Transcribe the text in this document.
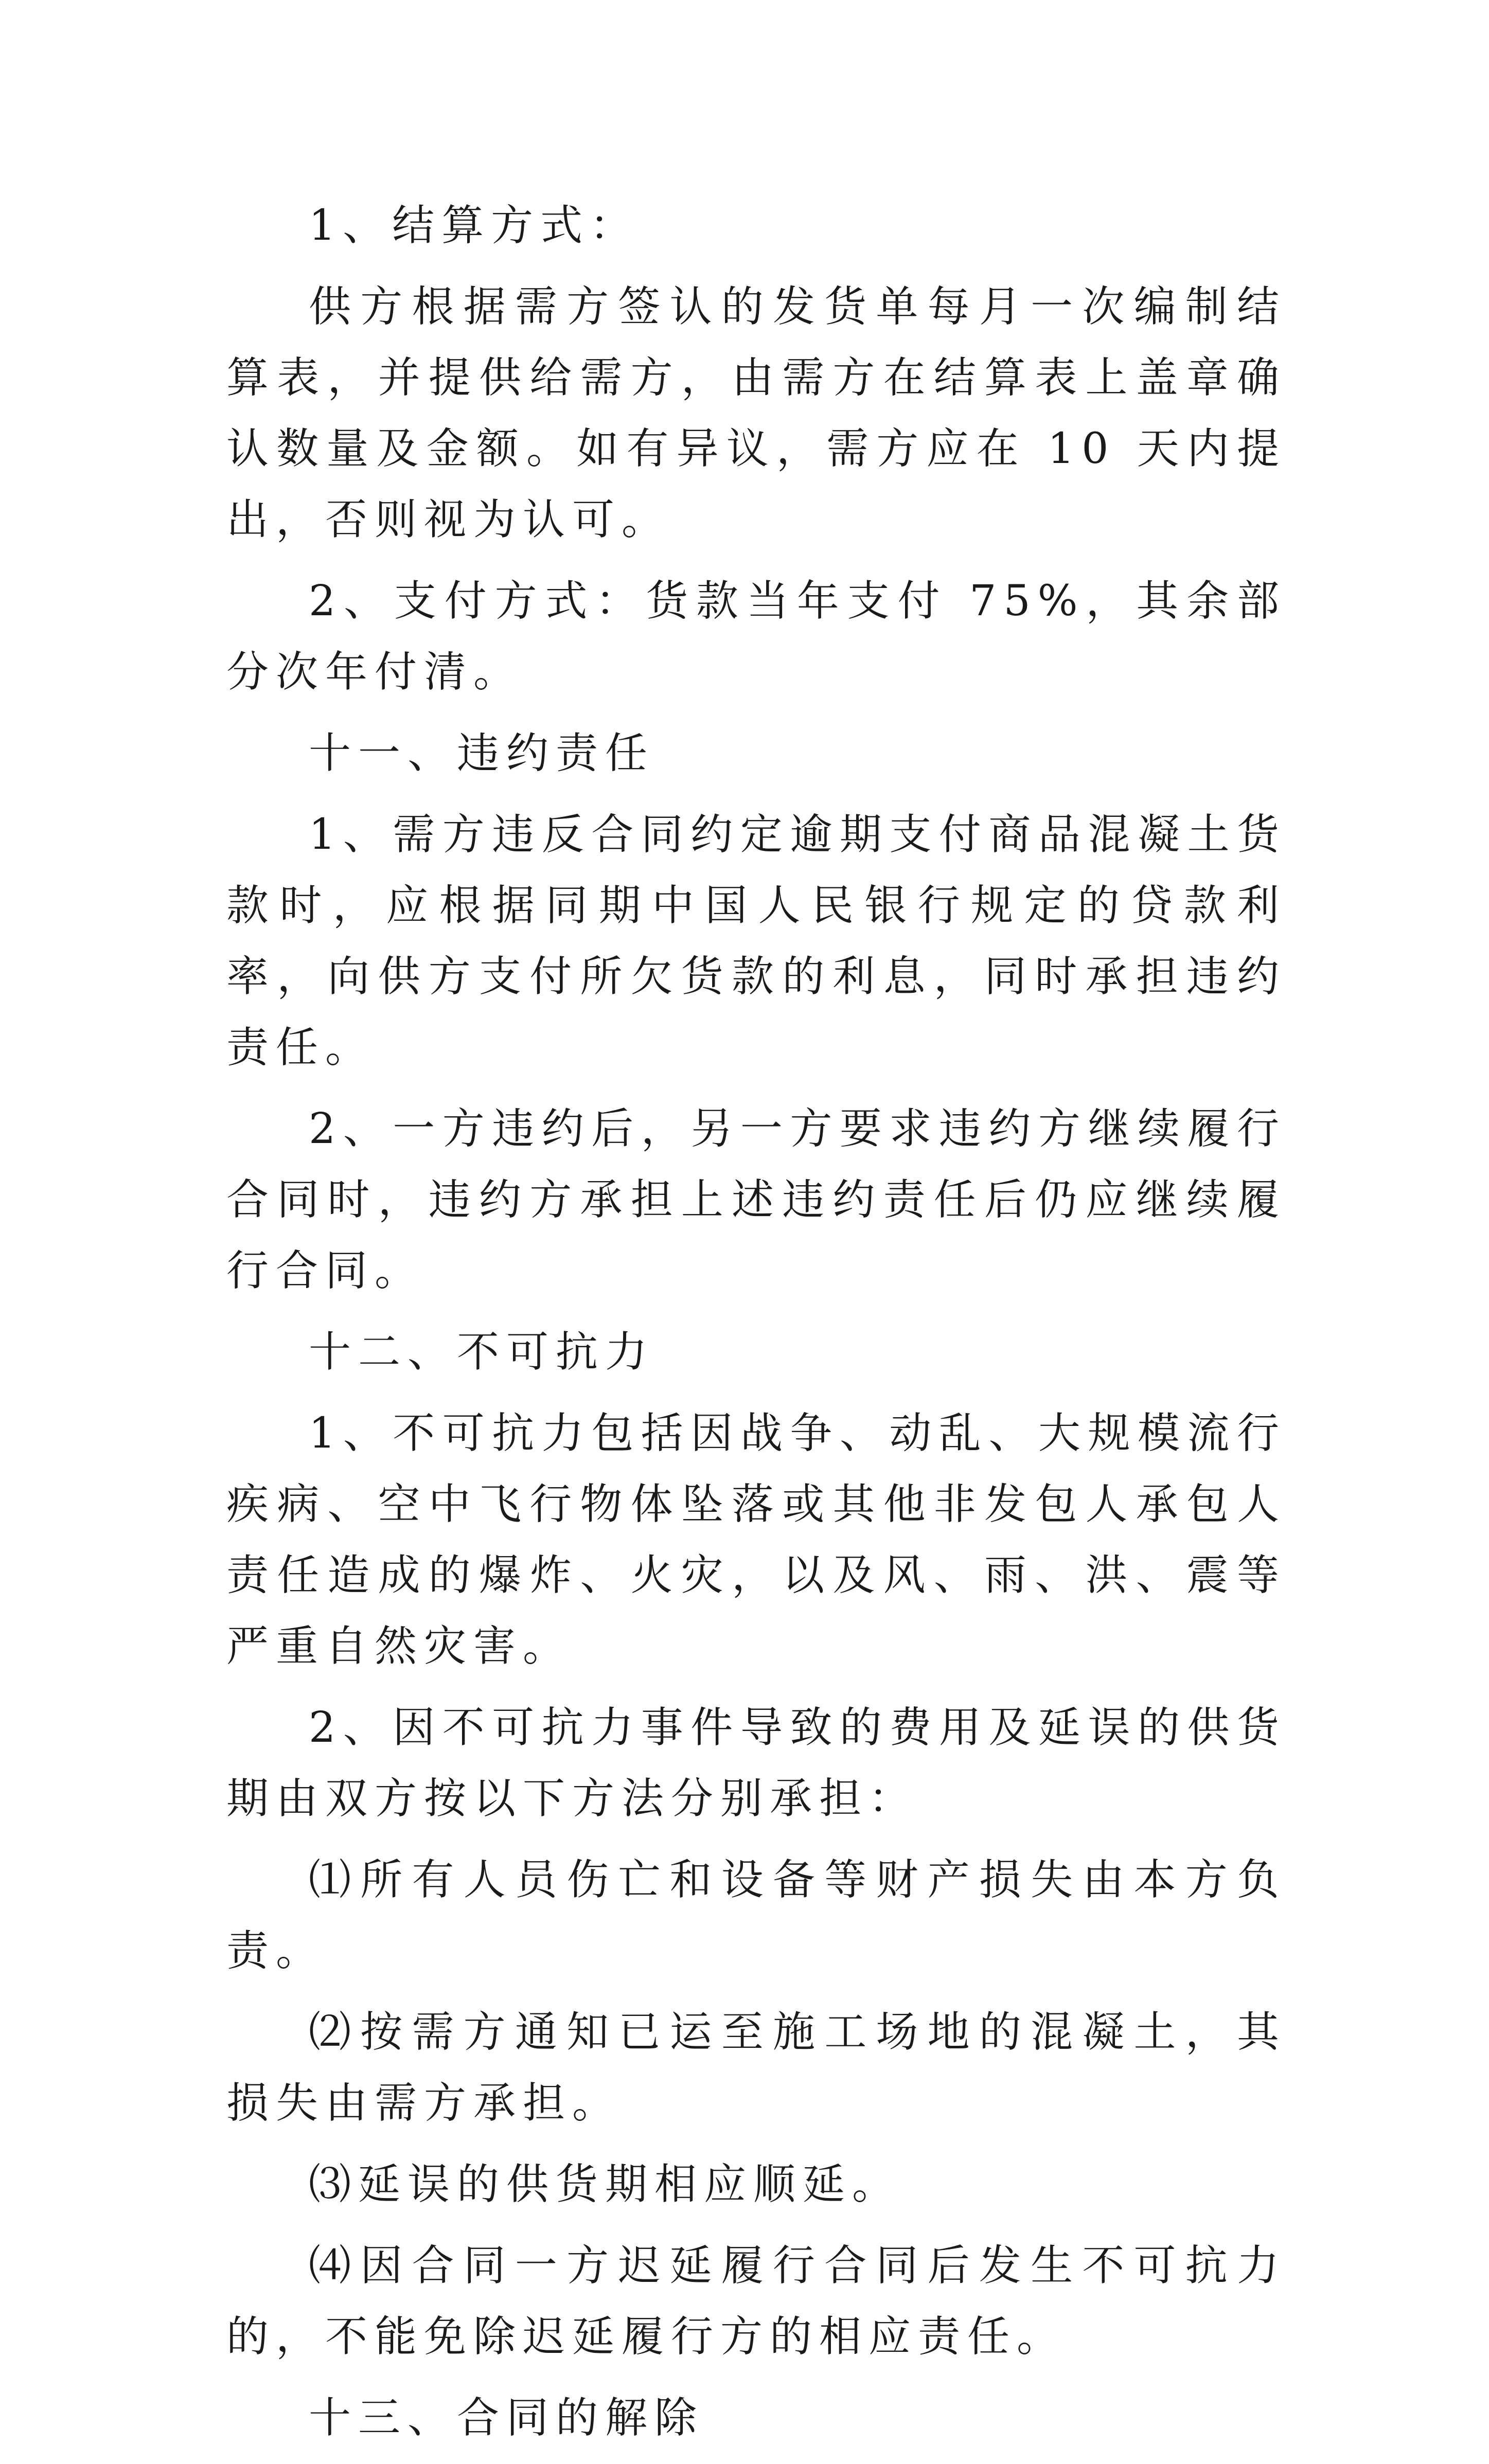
1、结算方式：

供方根据需方签认的发货单每月一次编制结算表，并提供给需方，由需方在结算表上盖章确认数量及金额。如有异议，需方应在 10 天内提出，否则视为认可。

2、支付方式：货款当年支付 75%，其余部分次年付清。

十一、违约责任

1、需方违反合同约定逾期支付商品混凝土货款时，应根据同期中国人民银行规定的贷款利率，向供方支付所欠货款的利息，同时承担违约责任。

2、一方违约后，另一方要求违约方继续履行合同时，违约方承担上述违约责任后仍应继续履行合同。

十二、不可抗力

1、不可抗力包括因战争、动乱、大规模流行疾病、空中飞行物体坠落或其他非发包人承包人责任造成的爆炸、火灾，以及风、雨、洪、震等严重自然灾害。

2、因不可抗力事件导致的费用及延误的供货期由双方按以下方法分别承担：

⑴所有人员伤亡和设备等财产损失由本方负责。

⑵按需方通知已运至施工场地的混凝土，其损失由需方承担。

⑶延误的供货期相应顺延。

⑷因合同一方迟延履行合同后发生不可抗力的，不能免除迟延履行方的相应责任。

十三、合同的解除
